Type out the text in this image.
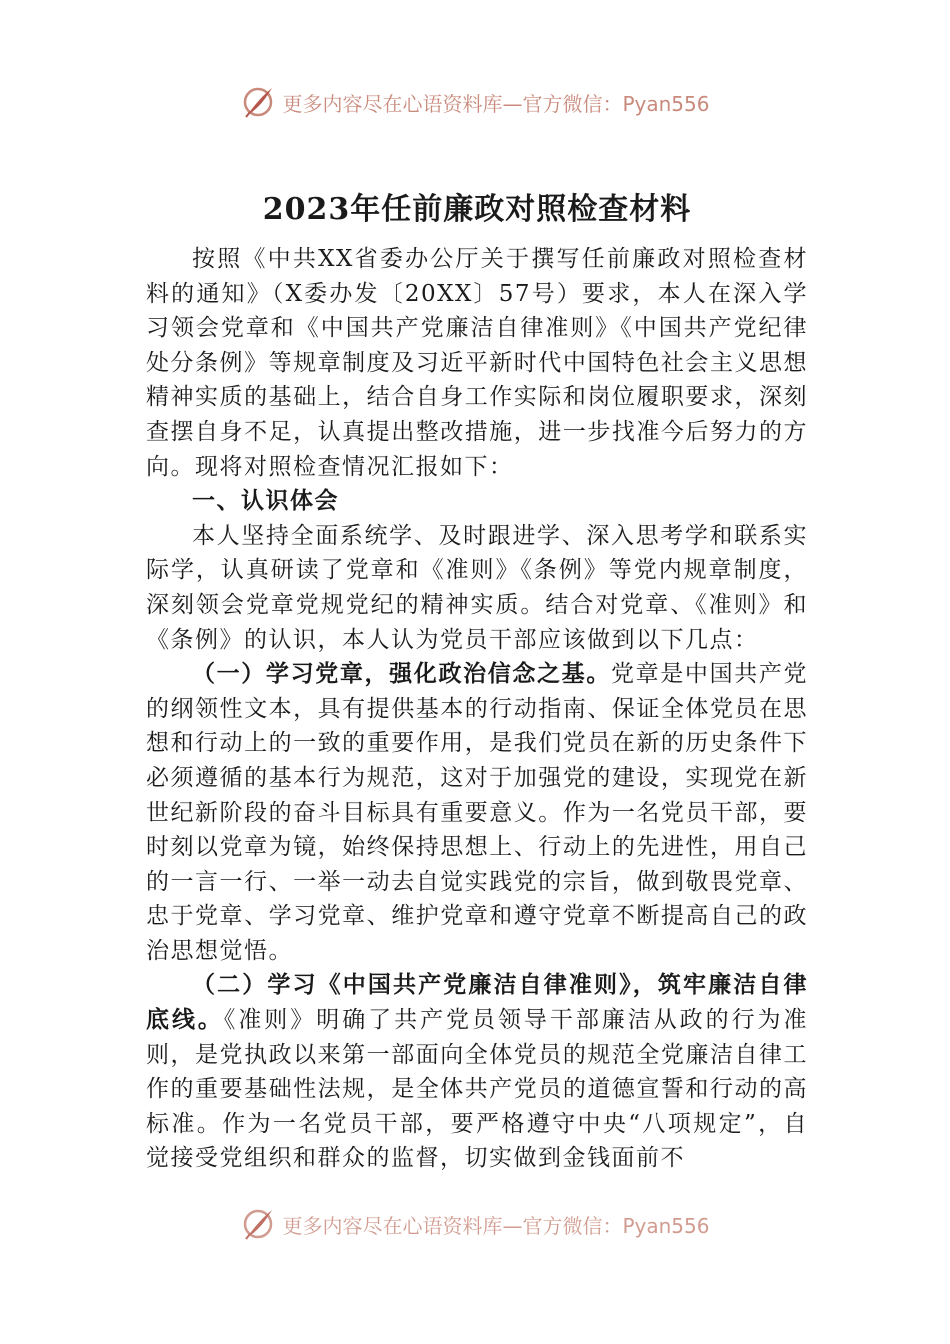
更多内容尽在心语资料库—官方微信：Pyan556
2023年任前廉政对照检查材料

按照《中共XX省委办公厅关于撰写任前廉政对照检查材料的通知》（X委办发〔20XX〕57号）要求，本人在深入学习领会党章和《中国共产党廉洁自律准则》《中国共产党纪律处分条例》等规章制度及习近平新时代中国特色社会主义思想精神实质的基础上，结合自身工作实际和岗位履职要求，深刻查摆自身不足，认真提出整改措施，进一步找准今后努力的方向。现将对照检查情况汇报如下：

一、认识体会

本人坚持全面系统学、及时跟进学、深入思考学和联系实际学，认真研读了党章和《准则》《条例》等党内规章制度，深刻领会党章党规党纪的精神实质。结合对党章、《准则》和《条例》的认识，本人认为党员干部应该做到以下几点：

（一）学习党章，强化政治信念之基。党章是中国共产党的纲领性文本，具有提供基本的行动指南、保证全体党员在思想和行动上的一致的重要作用，是我们党员在新的历史条件下必须遵循的基本行为规范，这对于加强党的建设，实现党在新世纪新阶段的奋斗目标具有重要意义。作为一名党员干部，要时刻以党章为镜，始终保持思想上、行动上的先进性，用自己的一言一行、一举一动去自觉实践党的宗旨，做到敬畏党章、忠于党章、学习党章、维护党章和遵守党章不断提高自己的政治思想觉悟。

（二）学习《中国共产党廉洁自律准则》，筑牢廉洁自律底线。《准则》明确了共产党员领导干部廉洁从政的行为准则，是党执政以来第一部面向全体党员的规范全党廉洁自律工作的重要基础性法规，是全体共产党员的道德宣誓和行动的高标准。作为一名党员干部，要严格遵守中央“八项规定”，自觉接受党组织和群众的监督，切实做到金钱面前不

更多内容尽在心语资料库—官方微信：Pyan556
